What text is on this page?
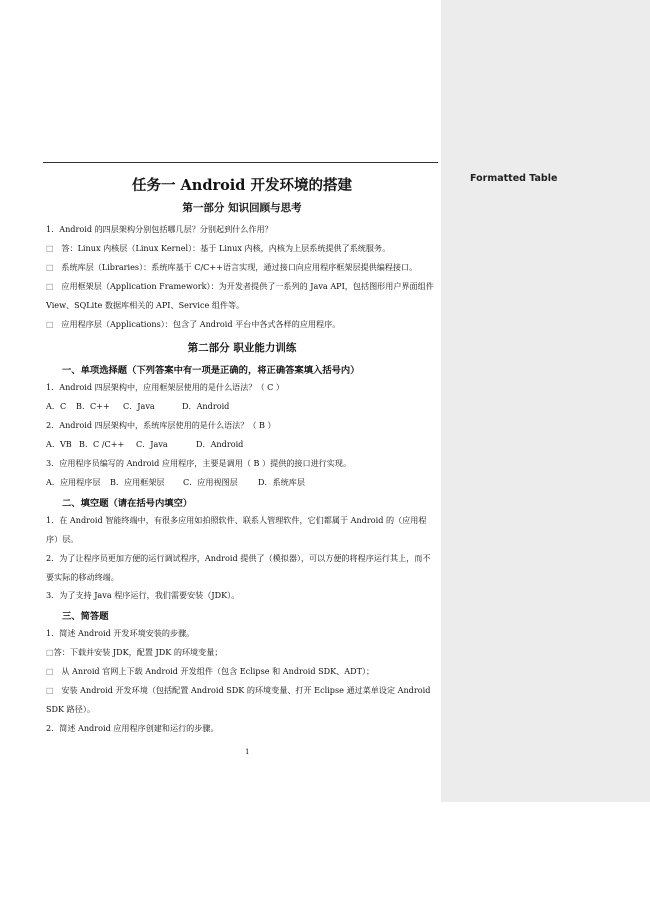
Formatted Table
任务一 Android 开发环境的搭建
第一部分 知识回顾与思考
1．Android 的四层架构分别包括哪几层？分别起到什么作用？
□ 答：Linux 内核层（Linux Kernel）：基于 Linux 内核，内核为上层系统提供了系统服务。
□ 系统库层（Libraries）：系统库基于 C/C++语言实现，通过接口向应用程序框架层提供编程接口。
□ 应用框架层（Application Framework）：为开发者提供了一系列的 Java API，包括图形用户界面组件
View、SQLite 数据库相关的 API、Service 组件等。
□ 应用程序层（Applications）：包含了 Android 平台中各式各样的应用程序。
第二部分 职业能力训练
一、单项选择题（下列答案中有一项是正确的，将正确答案填入括号内）
1．Android 四层架构中，应用框架层使用的是什么语法？（ C ）
A．C B．C++ C．Java	D．Android
2．Android 四层架构中，系统库层使用的是什么语法？（ B ）
A．VB B．C /C++ C．Java	D．Android
3．应用程序员编写的 Android 应用程序，主要是调用（ B ）提供的接口进行实现。
A．应用程序层 B．应用框架层 C．应用视图层 D．系统库层
二、填空题（请在括号内填空）
1．在 Android 智能终端中，有很多应用如拍照软件、联系人管理软件，它们都属于 Android 的（应用程序）层。
2．为了让程序员更加方便的运行调试程序，Android 提供了（模拟器），可以方便的将程序运行其上，而不要实际的移动终端。
3．为了支持 Java 程序运行，我们需要安装（JDK）。
三、简答题
1．简述 Android 开发环境安装的步骤。
□答：下载并安装 JDK，配置 JDK 的环境变量；
□ 从 Anroid 官网上下载 Android 开发组件（包含 Eclipse 和 Android SDK、ADT）；
□ 安装 Android 开发环境（包括配置 Android SDK 的环境变量、打开 Eclipse 通过菜单设定 Android SDK 路径）。
2．简述 Android 应用程序创建和运行的步骤。
1
